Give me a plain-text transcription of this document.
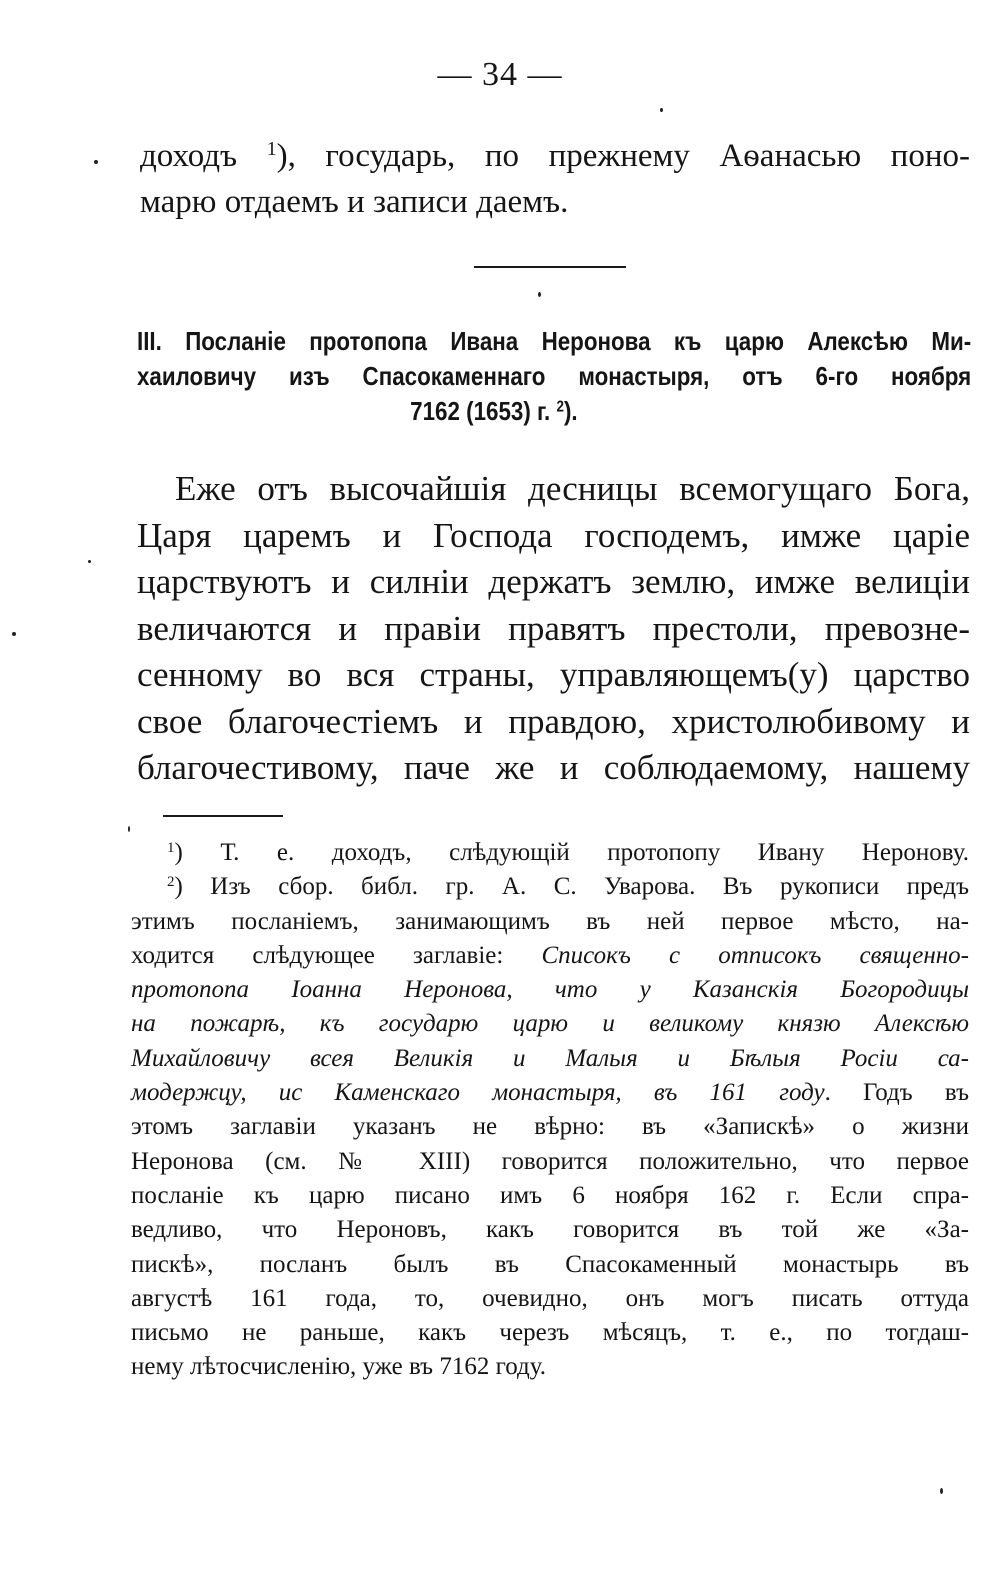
— 34 —
доходъ $^1$), государь, по прежнему Аѳанасью поно-
марю отдаемъ и записи даемъ.
III. Посланіе протопопа Ивана Неронова къ царю Алексѣю Ми-
хаиловичу изъ Спасокаменнаго монастыря, отъ 6-го ноября
7162 (1653) г. $^2$).
Еже отъ высочайшія десницы всемогущаго Бога,
Царя царемъ и Господа господемъ, имже царіе
царствуютъ и силніи держатъ землю, имже велиціи
величаются и правіи правятъ престоли, превозне-
сенному во вся страны, управляющемъ(у) царство
свое благочестіемъ и правдою, христолюбивому и
благочестивому, паче же и соблюдаемому, нашему
$^1$) Т. е. доходъ, слѣдующій протопопу Ивану Неронову.
$^2$) Изъ сбор. библ. гр. А. С. Уварова. Въ рукописи предъ
этимъ посланіемъ, занимающимъ въ ней первое мѣсто, на-
ходится слѣдующее заглавіе: Списокъ с отписокъ священно-
протопопа Іоанна Неронова, что у Казанскія Богородицы
на пожарѣ, къ государю царю и великому князю Алексѣю
Михайловичу всея Великія и Малыя и Бѣлыя Росіи са-
модержцу, ис Каменскаго монастыря, въ 161 году. Годъ въ
этомъ заглавіи указанъ не вѣрно: въ «Запискѣ» о жизни
Неронова (см. № XIII) говорится положительно, что первое
посланіе къ царю писано имъ 6 ноября 162 г. Если спра-
ведливо, что Нероновъ, какъ говорится въ той же «За-
пискѣ», посланъ былъ въ Спасокаменный монастырь въ
августѣ 161 года, то, очевидно, онъ могъ писать оттуда
письмо не раньше, какъ черезъ мѣсяцъ, т. е., по тогдаш-
нему лѣтосчисленію, уже въ 7162 году.
